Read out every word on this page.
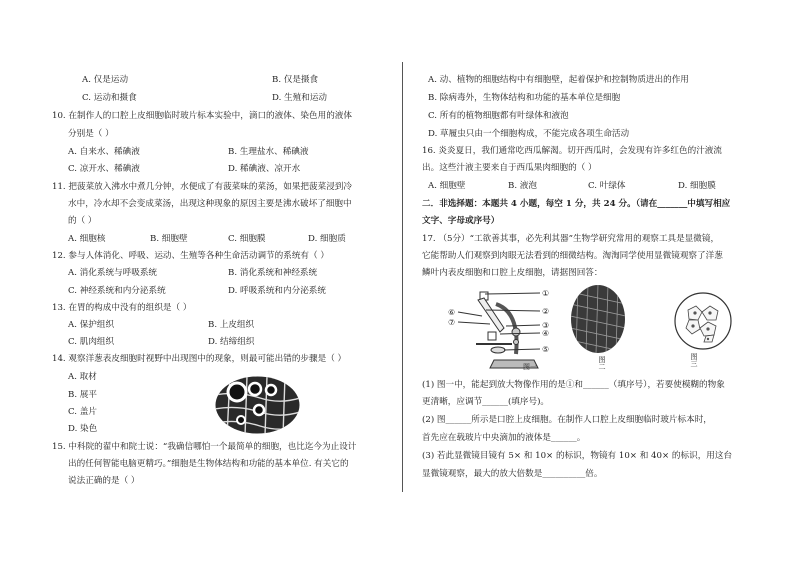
A. 仅是运动	B. 仅是摄食
C. 运动和摄食	D. 生殖和运动
10. 在制作人的口腔上皮细胞临时玻片标本实验中，滴口的液体、染色用的液体
分别是（ ）
A. 自来水、稀碘液	B. 生理盐水、稀碘液
C. 凉开水、稀碘液	D. 稀碘液、凉开水
11. 把菠菜放入沸水中煮几分钟，水便成了有菠菜味的菜汤，如果把菠菜浸到冷
水中，冷水却不会变成菜汤，出现这种现象的原因主要是沸水破坏了细胞中
的（ ）
A. 细胞核	B. 细胞壁	C. 细胞膜	D. 细胞质
12. 参与人体消化、呼吸、运动、生殖等各种生命活动调节的系统有（ ）
A. 消化系统与呼吸系统	B. 消化系统和神经系统
C. 神经系统和内分泌系统	D. 呼吸系统和内分泌系统
13. 在胃的构成中没有的组织是（ ）
A. 保护组织	B. 上皮组织
C. 肌肉组织	D. 结缔组织
14. 观察洋葱表皮细胞时视野中出现图中的现象，则最可能出错的步骤是（ ）
A. 取材
B. 展平
C. 盖片
D. 染色
15. 中科院的翟中和院士说：“我确信哪怕一个最简单的细胞，也比迄今为止设计
出的任何智能电脑更精巧。”细胞是生物体结构和功能的基本单位. 有关它的
说法正确的是（ ）
A. 动、植物的细胞结构中有细胞壁，起着保护和控制物质进出的作用
B. 除病毒外，生物体结构和功能的基本单位是细胞
C. 所有的植物细胞都有叶绿体和液泡
D. 草履虫只由一个细胞构成，不能完成各项生命活动
16. 炎炎夏日，我们通常吃西瓜解渴。切开西瓜时，会发现有许多红色的汁液流
出。这些汁液主要来自于西瓜果肉细胞的（ ）
A. 细胞壁	B. 液泡	C. 叶绿体	D. 细胞膜
二．非选择题：本题共 4 小题，每空 1 分，共 24 分。（请在_______中填写相应
文字、字母或序号）
17. （5分）“工欲善其事，必先利其器”生物学研究常用的观察工具是显微镜，
它能帮助人们观察到肉眼无法看到的细微结构。淘淘同学使用显微镜观察了洋葱
鳞叶内表皮细胞和口腔上皮细胞，请据图回答：
①
②
③
④
⑤
⑥
⑦
图一	图二	图三
(1) 图一中，能起到放大物像作用的是①和______（填序号），若要使模糊的物象
更清晰，应调节______(填序号)。
(2) 图______所示是口腔上皮细胞。在制作人口腔上皮细胞临时玻片标本时，
首先应在载玻片中央滴加的液体是______。
(3) 若此显微镜目镜有 5× 和 10× 的标识，物镜有 10× 和 40× 的标识，用这台
显微镜观察，最大的放大倍数是__________倍。
